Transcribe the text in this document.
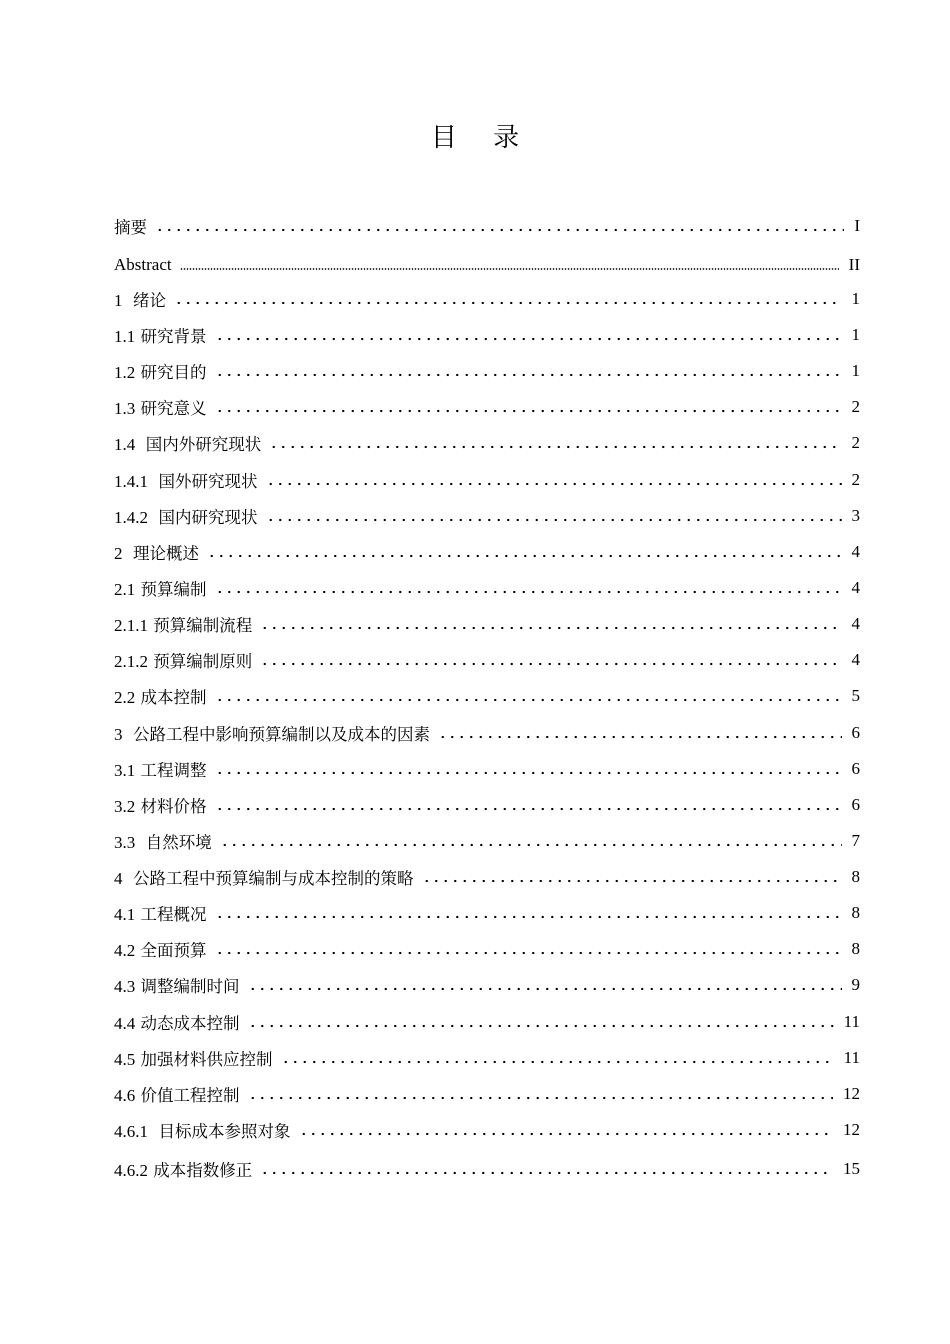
目 录
摘要	I
Abstract	II
1  绪论	1
1.1 研究背景	1
1.2 研究目的	1
1.3 研究意义	2
1.4  国内外研究现状	2
1.4.1  国外研究现状	2
1.4.2  国内研究现状	3
2  理论概述	4
2.1 预算编制	4
2.1.1 预算编制流程	4
2.1.2 预算编制原则	4
2.2 成本控制	5
3  公路工程中影响预算编制以及成本的因素	6
3.1 工程调整	6
3.2 材料价格	6
3.3  自然环境	7
4  公路工程中预算编制与成本控制的策略	8
4.1 工程概况	8
4.2 全面预算	8
4.3 调整编制时间	9
4.4 动态成本控制	11
4.5 加强材料供应控制	11
4.6 价值工程控制	12
4.6.1  目标成本参照对象	12
4.6.2 成本指数修正	15
